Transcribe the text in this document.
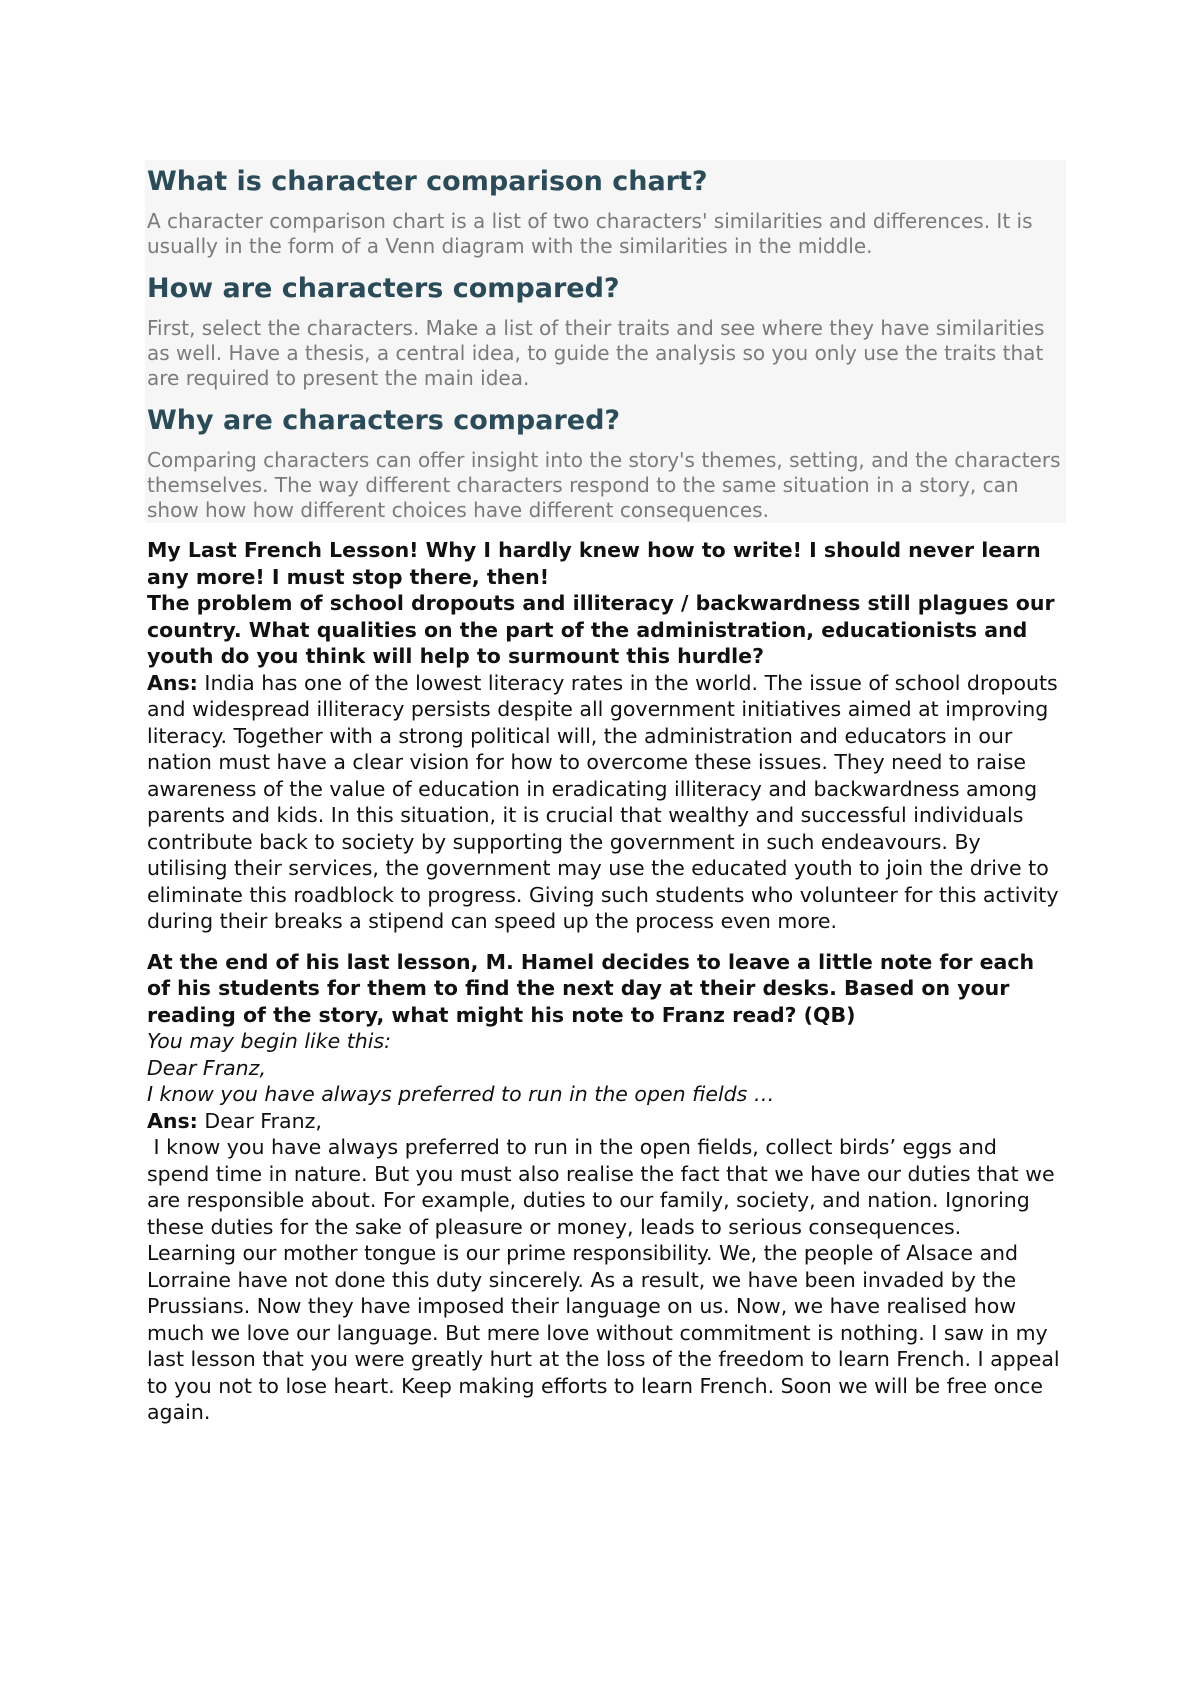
What is character comparison chart?

A character comparison chart is a list of two characters' similarities and differences. It is usually in the form of a Venn diagram with the similarities in the middle.

How are characters compared?

First, select the characters. Make a list of their traits and see where they have similarities as well. Have a thesis, a central idea, to guide the analysis so you only use the traits that are required to present the main idea.

Why are characters compared?

Comparing characters can offer insight into the story's themes, setting, and the characters themselves. The way different characters respond to the same situation in a story, can show how how different choices have different consequences.

My Last French Lesson! Why I hardly knew how to write! I should never learn any more! I must stop there, then!

The problem of school dropouts and illiteracy / backwardness still plagues our country. What qualities on the part of the administration, educationists and youth do you think will help to surmount this hurdle?

Ans: India has one of the lowest literacy rates in the world. The issue of school dropouts and widespread illiteracy persists despite all government initiatives aimed at improving literacy. Together with a strong political will, the administration and educators in our nation must have a clear vision for how to overcome these issues. They need to raise awareness of the value of education in eradicating illiteracy and backwardness among parents and kids. In this situation, it is crucial that wealthy and successful individuals contribute back to society by supporting the government in such endeavours. By utilising their services, the government may use the educated youth to join the drive to eliminate this roadblock to progress. Giving such students who volunteer for this activity during their breaks a stipend can speed up the process even more.

At the end of his last lesson, M. Hamel decides to leave a little note for each of his students for them to find the next day at their desks. Based on your reading of the story, what might his note to Franz read? (QB)

You may begin like this:

Dear Franz,

I know you have always preferred to run in the open fields …

Ans: Dear Franz,

I know you have always preferred to run in the open fields, collect birds’ eggs and spend time in nature. But you must also realise the fact that we have our duties that we are responsible about. For example, duties to our family, society, and nation. Ignoring these duties for the sake of pleasure or money, leads to serious consequences.

Learning our mother tongue is our prime responsibility. We, the people of Alsace and Lorraine have not done this duty sincerely. As a result, we have been invaded by the Prussians. Now they have imposed their language on us. Now, we have realised how much we love our language. But mere love without commitment is nothing. I saw in my last lesson that you were greatly hurt at the loss of the freedom to learn French. I appeal to you not to lose heart. Keep making efforts to learn French. Soon we will be free once again.
